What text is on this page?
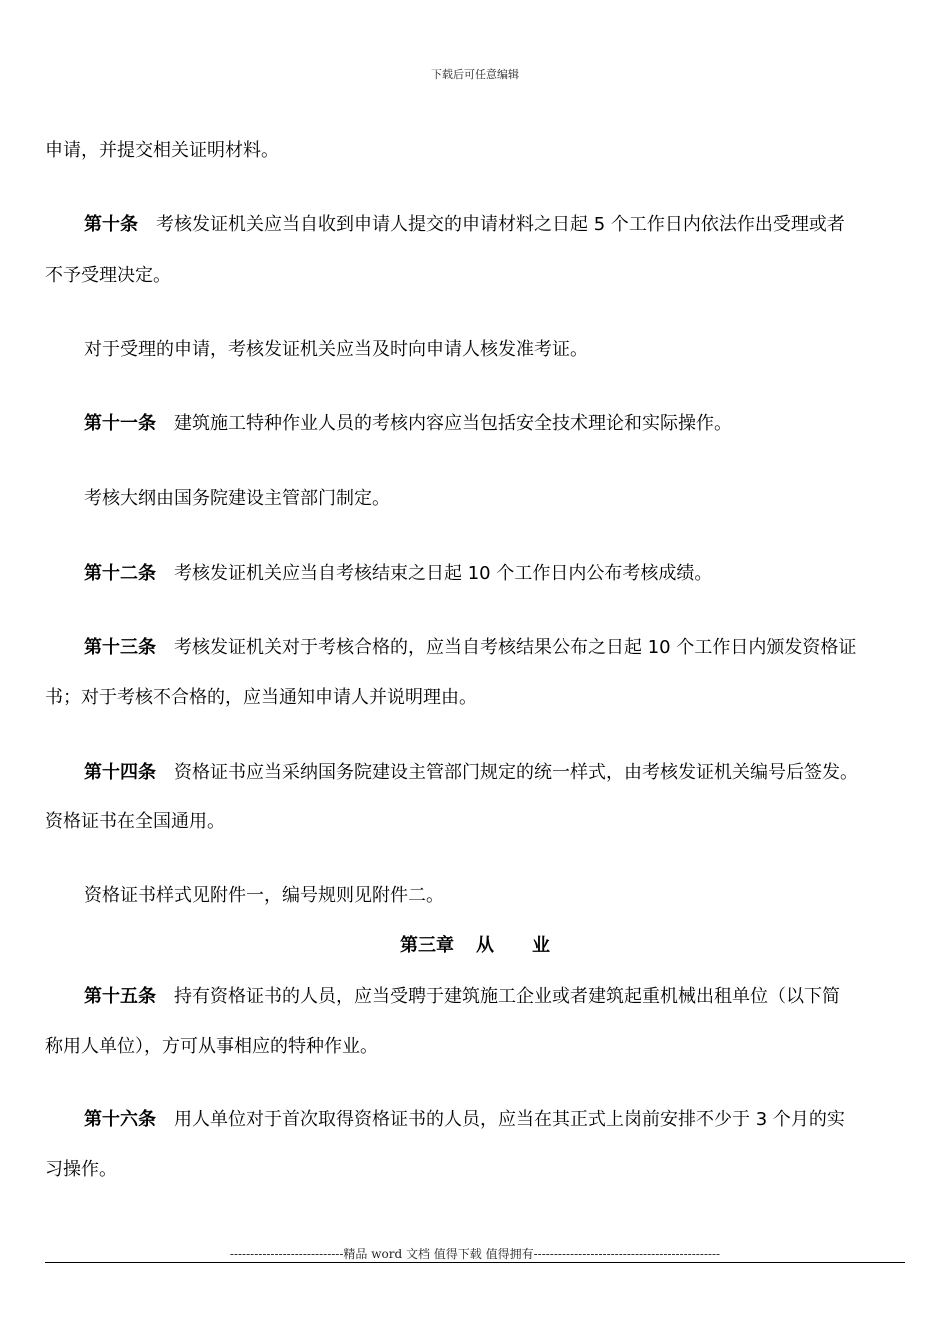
下载后可任意编辑
申请，并提交相关证明材料。
第十条 考核发证机关应当自收到申请人提交的申请材料之日起 5 个工作日内依法作出受理或者
不予受理决定。
对于受理的申请，考核发证机关应当及时向申请人核发准考证。
第十一条 建筑施工特种作业人员的考核内容应当包括安全技术理论和实际操作。
考核大纲由国务院建设主管部门制定。
第十二条 考核发证机关应当自考核结束之日起 10 个工作日内公布考核成绩。
第十三条 考核发证机关对于考核合格的，应当自考核结果公布之日起 10 个工作日内颁发资格证
书；对于考核不合格的，应当通知申请人并说明理由。
第十四条 资格证书应当采纳国务院建设主管部门规定的统一样式，由考核发证机关编号后签发。
资格证书在全国通用。
资格证书样式见附件一，编号规则见附件二。
第三章 从 业
第十五条 持有资格证书的人员，应当受聘于建筑施工企业或者建筑起重机械出租单位（以下简
称用人单位），方可从事相应的特种作业。
第十六条 用人单位对于首次取得资格证书的人员，应当在其正式上岗前安排不少于 3 个月的实
习操作。
----------------------------精品 word 文档 值得下载 值得拥有----------------------------------------------
